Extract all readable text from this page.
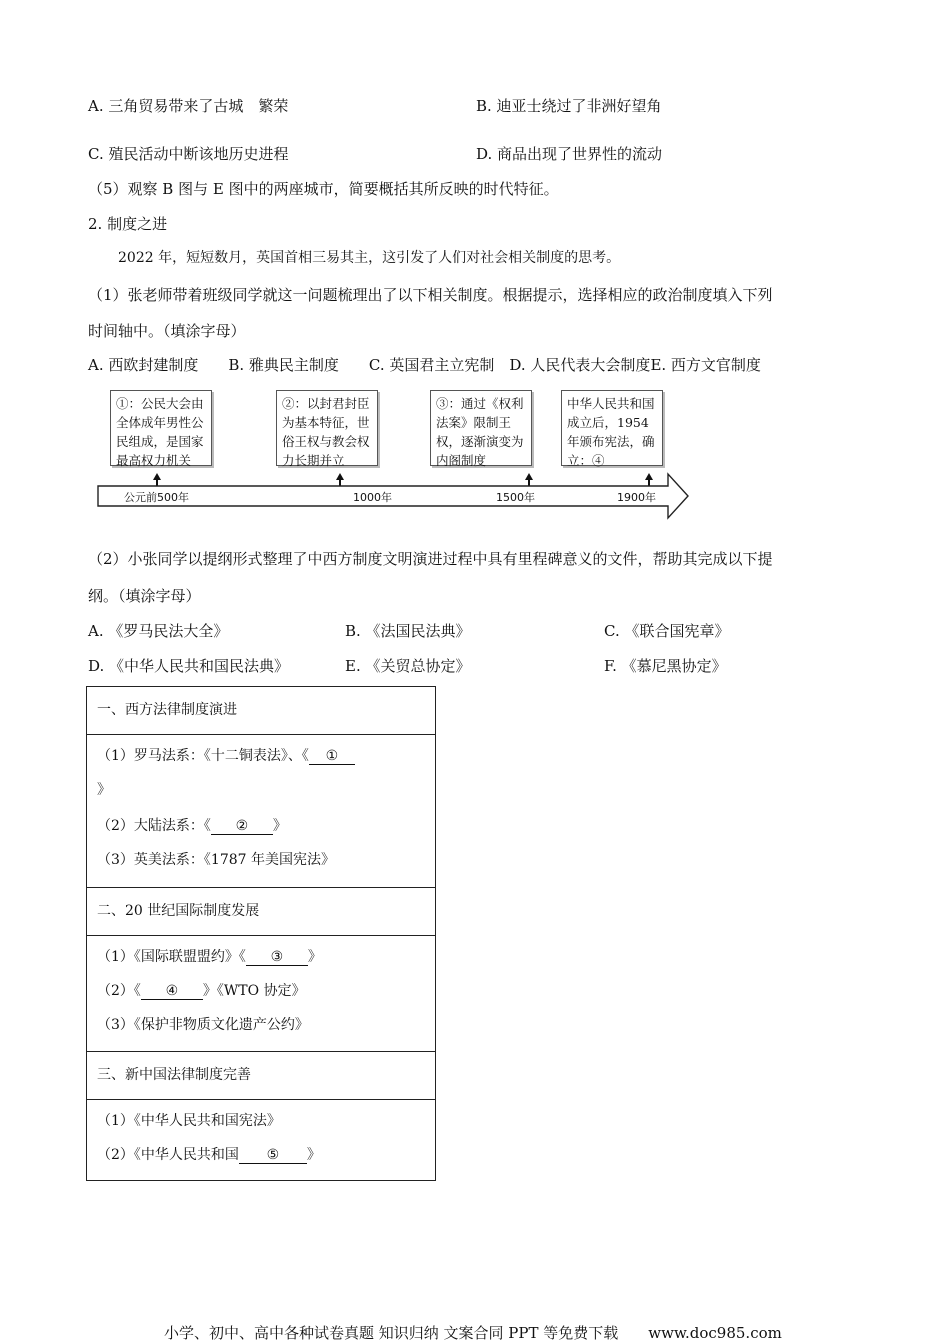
A. 三角贸易带来了古城　繁荣	B. 迪亚士绕过了非洲好望角
C. 殖民活动中断该地历史进程	D. 商品出现了世界性的流动
（5）观察 B 图与 E 图中的两座城市，简要概括其所反映的时代特征。
2. 制度之进
2022 年，短短数月，英国首相三易其主，这引发了人们对社会相关制度的思考。
（1）张老师带着班级同学就这一问题梳理出了以下相关制度。根据提示，选择相应的政治制度填入下列
时间轴中。（填涂字母）
A. 西欧封建制度　　B. 雅典民主制度　　C. 英国君主立宪制　D. 人民代表大会制度E. 西方文官制度
①：公民大会由全体成年男性公民组成，是国家最高权力机关
②：以封君封臣为基本特征，世俗王权与教会权力长期并立
③：通过《权利法案》限制王权，逐渐演变为内阁制度
中华人民共和国成立后，1954年颁布宪法，确立：④
公元前500年	1000年	1500年	1900年
（2）小张同学以提纲形式整理了中西方制度文明演进过程中具有里程碑意义的文件，帮助其完成以下提
纲。（填涂字母）
A. 《罗马民法大全》	B. 《法国民法典》	C. 《联合国宪章》
D. 《中华人民共和国民法典》	E. 《关贸总协定》	F. 《慕尼黑协定》
一、西方法律制度演进
（1）罗马法系：《十二铜表法》、《 ①
》
（2）大陆法系：《 ② 》
（3）英美法系：《1787 年美国宪法》
二、20 世纪国际制度发展
（1）《国际联盟盟约》《 ③ 》
（2）《 ④ 》《WTO 协定》
（3）《保护非物质文化遗产公约》
三、新中国法律制度完善
（1）《中华人民共和国宪法》
（2）《中华人民共和国 ⑤ 》
小学、初中、高中各种试卷真题 知识归纳 文案合同 PPT 等免费下载　　www.doc985.com
